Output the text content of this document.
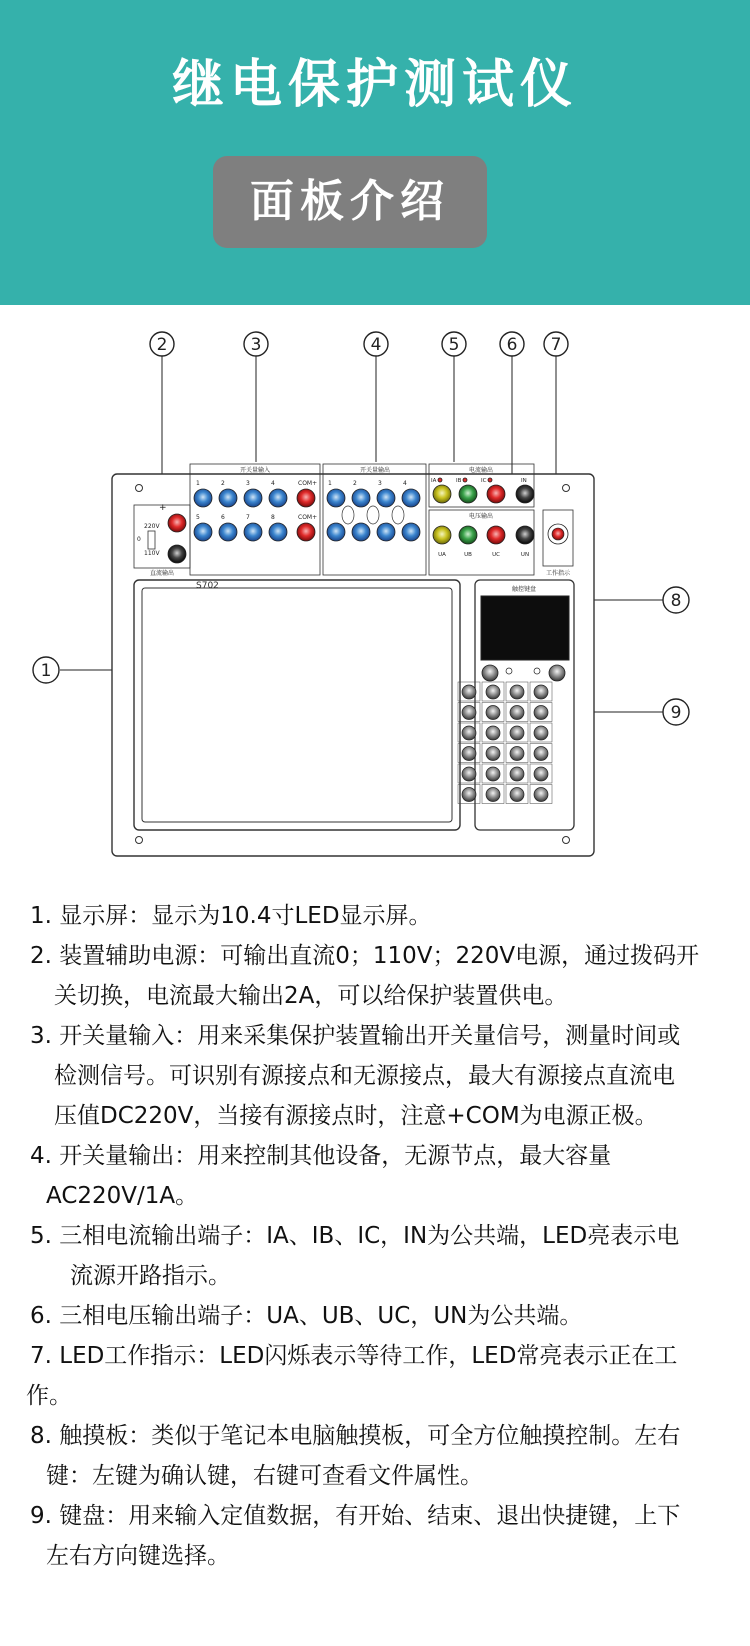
继电保护测试仪
面板介绍
2	3	4	5	6 7
1
8
9
220V
0
110V
+
直流输出
开关量输入
1	2	3	4	COM+
5	6	7	8	COM+
开关量输出
1	2	3	4
电流输出
IA	IB	IC	IN
电压输出
UA	UB	UC	UN
工作指示
S702	触控键盘
1. 显示屏：显示为10.4寸LED显示屏。
2. 装置辅助电源：可输出直流0；110V；220V电源，通过拨码开
关切换，电流最大输出2A，可以给保护装置供电。
3. 开关量输入：用来采集保护装置输出开关量信号，测量时间或
检测信号。可识别有源接点和无源接点，最大有源接点直流电
压值DC220V，当接有源接点时，注意+COM为电源正极。
4. 开关量输出：用来控制其他设备，无源节点，最大容量
AC220V/1A。
5. 三相电流输出端子：IA、IB、IC，IN为公共端，LED亮表示电
流源开路指示。
6. 三相电压输出端子：UA、UB、UC，UN为公共端。
7. LED工作指示：LED闪烁表示等待工作，LED常亮表示正在工
作。
8. 触摸板：类似于笔记本电脑触摸板，可全方位触摸控制。左右
键：左键为确认键，右键可查看文件属性。
9. 键盘：用来输入定值数据，有开始、结束、退出快捷键，上下
左右方向键选择。
